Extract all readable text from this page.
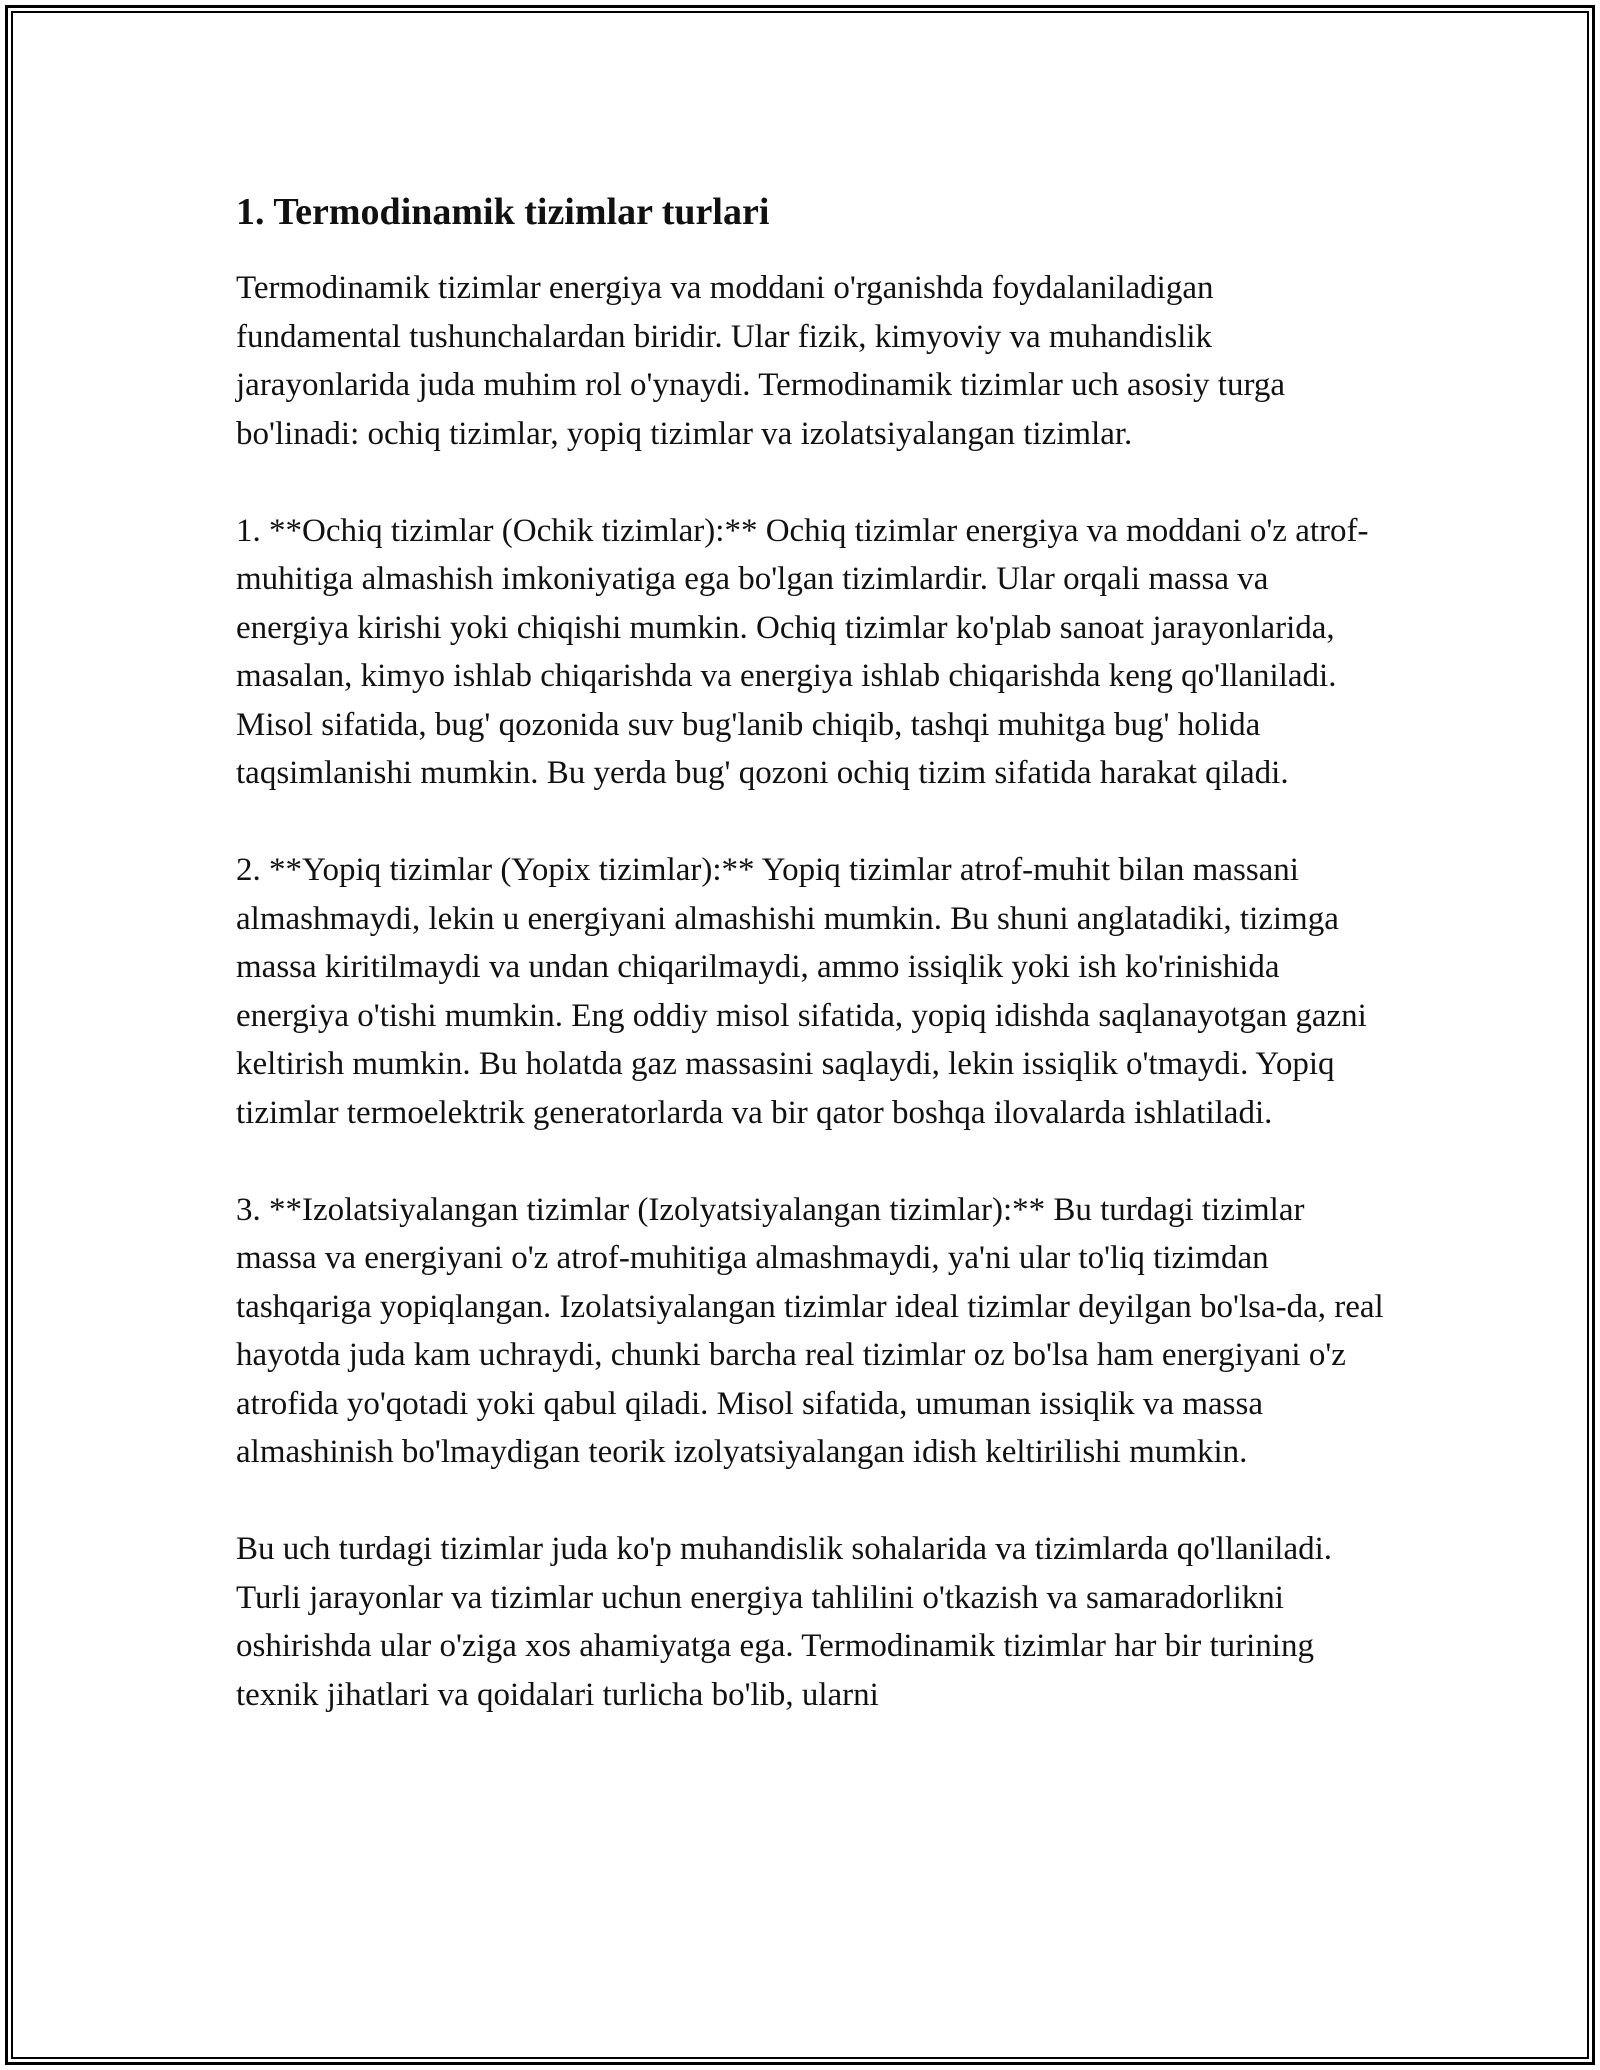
1. Termodinamik tizimlar turlari

Termodinamik tizimlar energiya va moddani o'rganishda foydalaniladigan fundamental tushunchalardan biridir. Ular fizik, kimyoviy va muhandislik jarayonlarida juda muhim rol o'ynaydi. Termodinamik tizimlar uch asosiy turga bo'linadi: ochiq tizimlar, yopiq tizimlar va izolatsiyalangan tizimlar.

1. **Ochiq tizimlar (Ochik tizimlar):** Ochiq tizimlar energiya va moddani o'z atrof-muhitiga almashish imkoniyatiga ega bo'lgan tizimlardir. Ular orqali massa va energiya kirishi yoki chiqishi mumkin. Ochiq tizimlar ko'plab sanoat jarayonlarida, masalan, kimyo ishlab chiqarishda va energiya ishlab chiqarishda keng qo'llaniladi. Misol sifatida, bug' qozonida suv bug'lanib chiqib, tashqi muhitga bug' holida taqsimlanishi mumkin. Bu yerda bug' qozoni ochiq tizim sifatida harakat qiladi.

2. **Yopiq tizimlar (Yopix tizimlar):** Yopiq tizimlar atrof-muhit bilan massani almashmaydi, lekin u energiyani almashishi mumkin. Bu shuni anglatadiki, tizimga massa kiritilmaydi va undan chiqarilmaydi, ammo issiqlik yoki ish ko'rinishida energiya o'tishi mumkin. Eng oddiy misol sifatida, yopiq idishda saqlanayotgan gazni keltirish mumkin. Bu holatda gaz massasini saqlaydi, lekin issiqlik o'tmaydi. Yopiq tizimlar termoelektrik generatorlarda va bir qator boshqa ilovalarda ishlatiladi.

3. **Izolatsiyalangan tizimlar (Izolyatsiyalangan tizimlar):** Bu turdagi tizimlar massa va energiyani o'z atrof-muhitiga almashmaydi, ya'ni ular to'liq tizimdan tashqariga yopiqlangan. Izolatsiyalangan tizimlar ideal tizimlar deyilgan bo'lsa-da, real hayotda juda kam uchraydi, chunki barcha real tizimlar oz bo'lsa ham energiyani o'z atrofida yo'qotadi yoki qabul qiladi. Misol sifatida, umuman issiqlik va massa almashinish bo'lmaydigan teorik izolyatsiyalangan idish keltirilishi mumkin.

Bu uch turdagi tizimlar juda ko'p muhandislik sohalarida va tizimlarda qo'llaniladi. Turli jarayonlar va tizimlar uchun energiya tahlilini o'tkazish va samaradorlikni oshirishda ular o'ziga xos ahamiyatga ega. Termodinamik tizimlar har bir turining texnik jihatlari va qoidalari turlicha bo'lib, ularni
